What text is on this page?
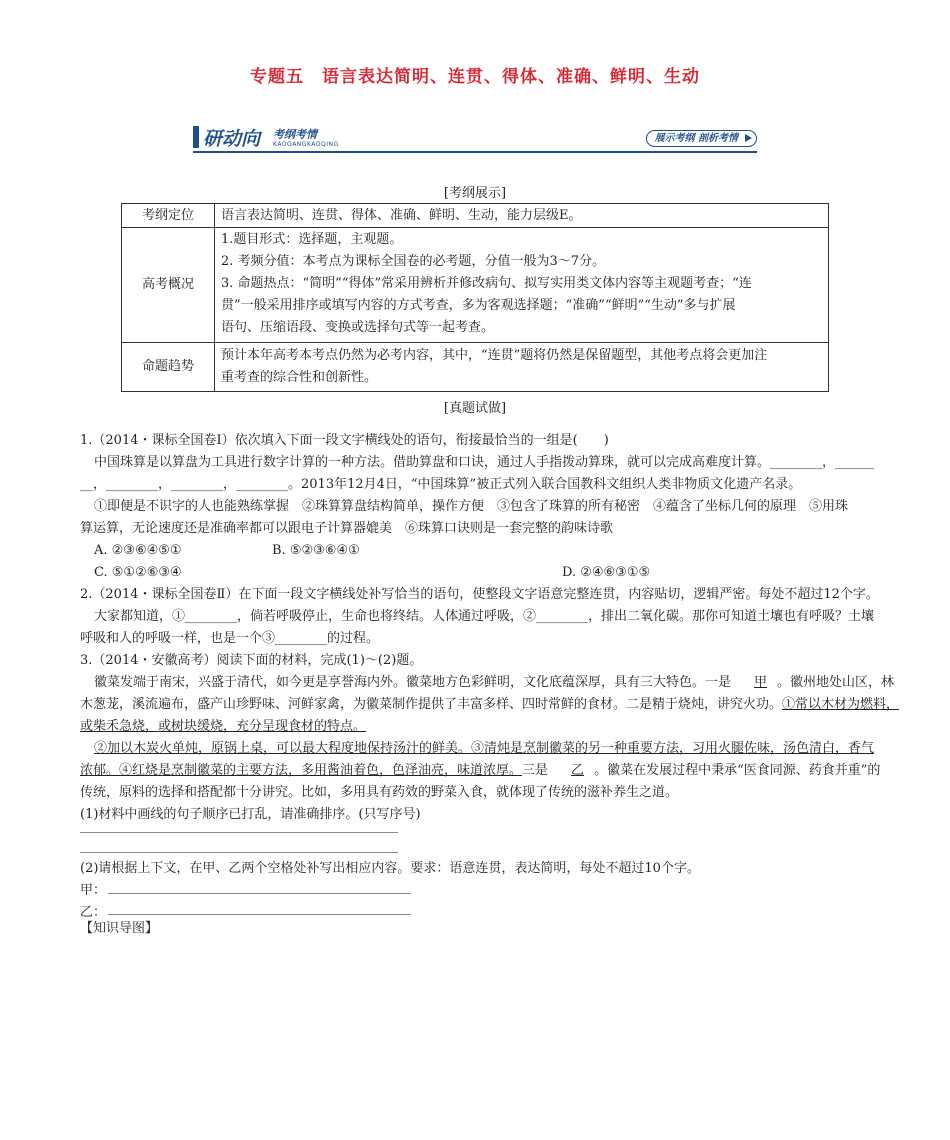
专题五　语言表达简明、连贯、得体、准确、鲜明、生动
研动向 考纲考情
KAOGANGKAOQING
展示考纲 剖析考情
[考纲展示]
考纲定位	语言表达简明、连贯、得体、准确、鲜明、生动，能力层级E。
高考概况	1.题目形式：选择题，主观题。
2. 考频分值：本考点为课标全国卷的必考题，分值一般为3～7分。
3. 命题热点：“简明”“得体”常采用辨析并修改病句、拟写实用类文体内容等主观题考查；“连
贯”一般采用排序或填写内容的方式考查，多为客观选择题；“准确”“鲜明”“生动”多与扩展
语句、压缩语段、变换或选择句式等一起考查。

命题趋势	预计本年高考本考点仍然为必考内容，其中，“连贯”题将仍然是保留题型，其他考点将会更加注
重考查的综合性和创新性。
[真题试做]
1.（2014・课标全国卷Ⅰ）依次填入下面一段文字横线处的语句，衔接最恰当的一组是(　　)
中国珠算是以算盘为工具进行数字计算的一种方法。借助算盘和口诀，通过人手指拨动算珠，就可以完成高难度计算。________，______
__，________，________，________。2013年12月4日，“中国珠算”被正式列入联合国教科文组织人类非物质文化遗产名录。
①即便是不识字的人也能熟练掌握　②珠算算盘结构简单，操作方便　③包含了珠算的所有秘密　④蕴含了坐标几何的原理　⑤用珠
算运算，无论速度还是准确率都可以跟电子计算器媲美　⑥珠算口诀则是一套完整的韵味诗歌
A. ②③⑥④⑤①	B. ⑤②③⑥④①
C. ⑤①②⑥③④	D. ②④⑥③①⑤
2.（2014・课标全国卷Ⅱ）在下面一段文字横线处补写恰当的语句，使整段文字语意完整连贯，内容贴切，逻辑严密。每处不超过12个字。
大家都知道，①________，倘若呼吸停止，生命也将终结。人体通过呼吸，②________，排出二氧化碳。那你可知道土壤也有呼吸？土壤
呼吸和人的呼吸一样，也是一个③________的过程。
3.（2014・安徽高考）阅读下面的材料，完成(1)～(2)题。
徽菜发端于南宋，兴盛于清代，如今更是享誉海内外。徽菜地方色彩鲜明，文化底蕴深厚，具有三大特色。一是　 甲 。徽州地处山区，林
木葱茏，溪流遍布，盛产山珍野味、河鲜家禽，为徽菜制作提供了丰富多样、四时常鲜的食材。二是精于烧炖，讲究火功。①常以木材为燃料，
或柴禾急烧，或树块缓烧，充分呈现食材的特点。
②加以木炭火单炖，原锅上桌，可以最大程度地保持汤汁的鲜美。③清炖是烹制徽菜的另一种重要方法，习用火腿佐味，汤色清白，香气
浓郁。④红烧是烹制徽菜的主要方法，多用酱油着色，色泽油亮，味道浓厚。三是　 乙 。徽菜在发展过程中秉承“医食同源、药食并重”的
传统，原料的选择和搭配都十分讲究。比如，多用具有药效的野菜入食，就体现了传统的滋补养生之道。
(1)材料中画线的句子顺序已打乱，请准确排序。(只写序号)
(2)请根据上下文，在甲、乙两个空格处补写出相应内容。要求：语意连贯，表达简明，每处不超过10个字。
甲：
乙：
【知识导图】
